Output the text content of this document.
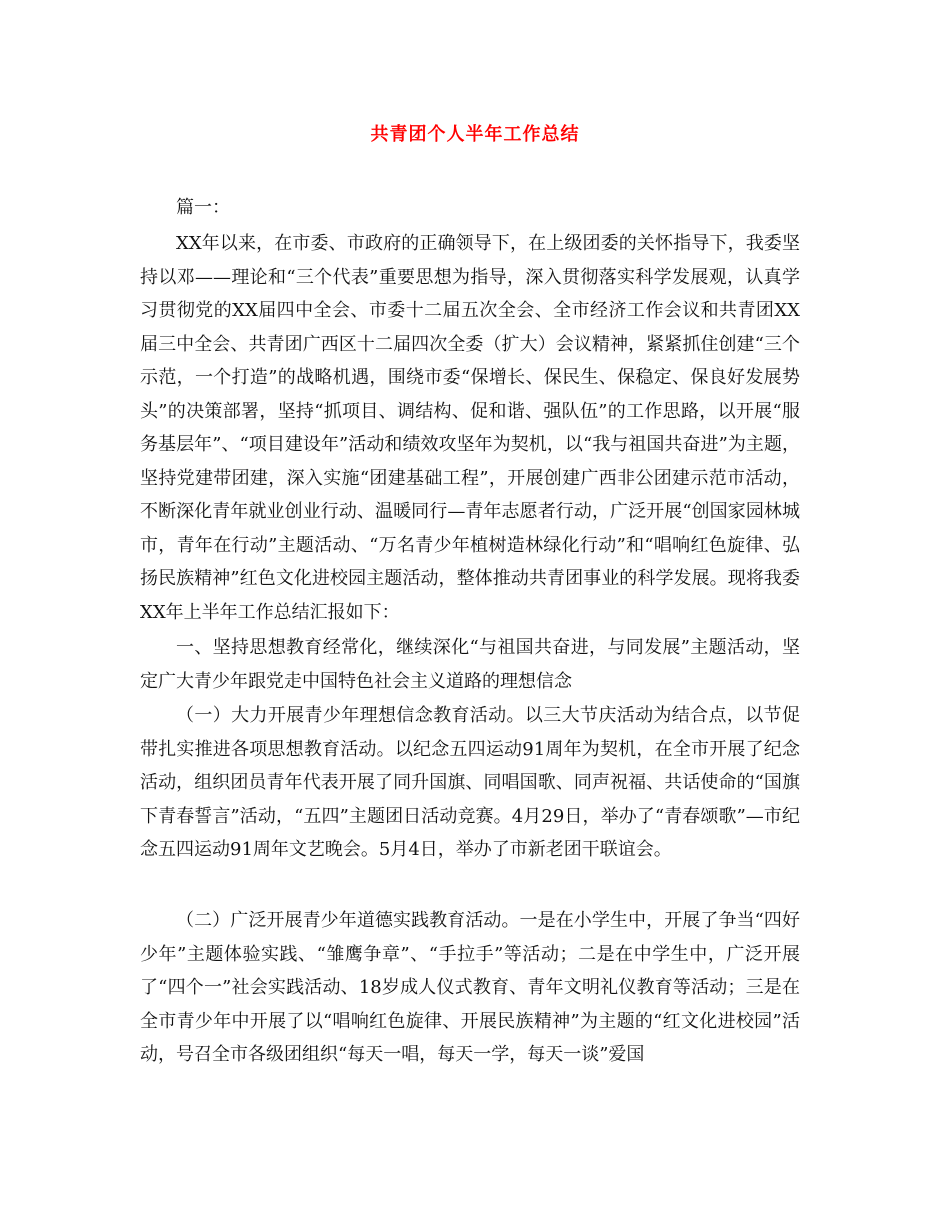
共青团个人半年工作总结

篇一：

XX年以来，在市委、市政府的正确领导下，在上级团委的关怀指导下，我委坚持以邓——理论和“三个代表”重要思想为指导，深入贯彻落实科学发展观，认真学习贯彻党的XX届四中全会、市委十二届五次全会、全市经济工作会议和共青团XX届三中全会、共青团广西区十二届四次全委（扩大）会议精神，紧紧抓住创建“三个示范，一个打造”的战略机遇，围绕市委“保增长、保民生、保稳定、保良好发展势头”的决策部署，坚持“抓项目、调结构、促和谐、强队伍”的工作思路，以开展“服务基层年”、“项目建设年”活动和绩效攻坚年为契机，以“我与祖国共奋进”为主题，坚持党建带团建，深入实施“团建基础工程”，开展创建广西非公团建示范市活动，不断深化青年就业创业行动、温暖同行—青年志愿者行动，广泛开展“创国家园林城市，青年在行动”主题活动、“万名青少年植树造林绿化行动”和“唱响红色旋律、弘扬民族精神”红色文化进校园主题活动，整体推动共青团事业的科学发展。现将我委XX年上半年工作总结汇报如下：

一、坚持思想教育经常化，继续深化“与祖国共奋进，与同发展”主题活动，坚定广大青少年跟党走中国特色社会主义道路的理想信念

（一）大力开展青少年理想信念教育活动。以三大节庆活动为结合点，以节促带扎实推进各项思想教育活动。以纪念五四运动91周年为契机，在全市开展了纪念活动，组织团员青年代表开展了同升国旗、同唱国歌、同声祝福、共话使命的“国旗下青春誓言”活动，“五四”主题团日活动竞赛。4月29日，举办了“青春颂歌”—市纪念五四运动91周年文艺晚会。5月4日，举办了市新老团干联谊会。

（二）广泛开展青少年道德实践教育活动。一是在小学生中，开展了争当“四好少年”主题体验实践、“雏鹰争章”、“手拉手”等活动；二是在中学生中，广泛开展了“四个一”社会实践活动、18岁成人仪式教育、青年文明礼仪教育等活动；三是在全市青少年中开展了以“唱响红色旋律、开展民族精神”为主题的“红文化进校园”活动，号召全市各级团组织“每天一唱，每天一学，每天一谈”爱国
